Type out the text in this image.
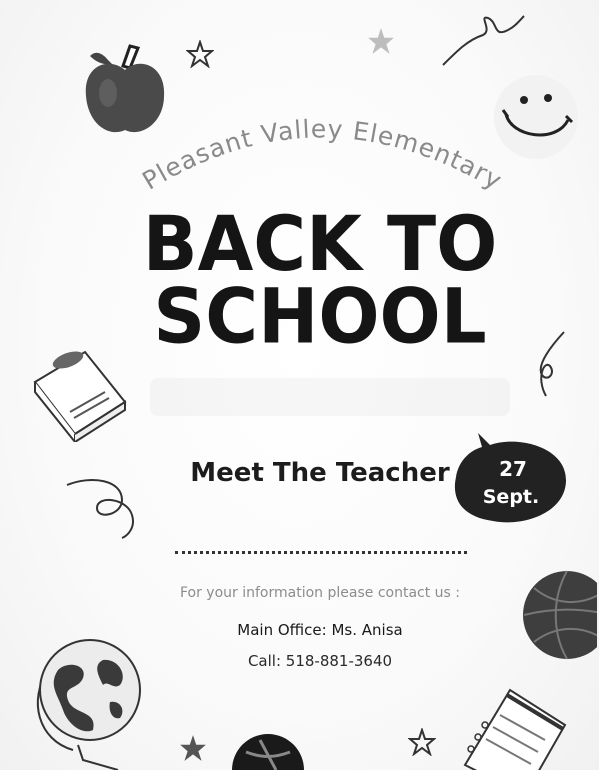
Pleasant Valley Elementary
BACK TO
SCHOOL
Meet The Teacher	27
Sept.
For your information please contact us :
Main Office: Ms. Anisa
Call: 518-881-3640
